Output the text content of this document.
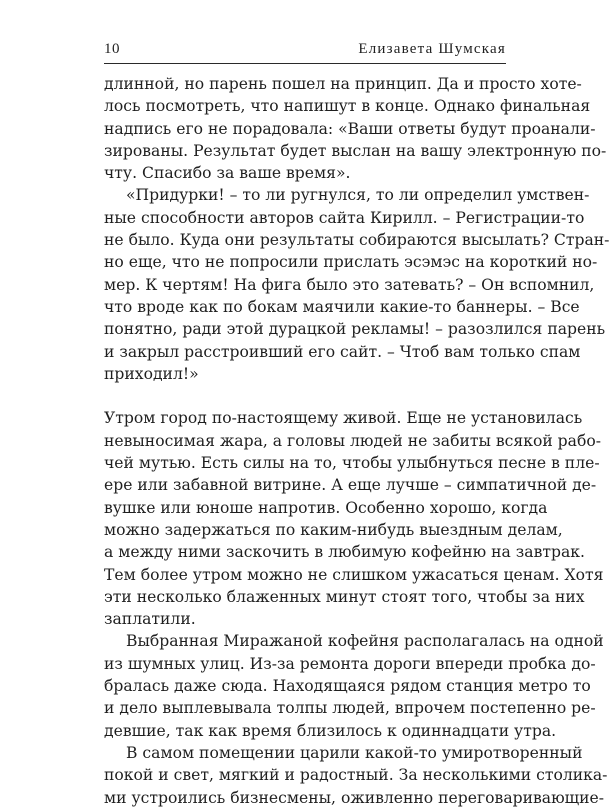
10	Елизавета Шумская
длинной, но парень пошел на принцип. Да и просто хоте-
лось посмотреть, что напишут в конце. Однако финальная
надпись его не порадовала: «Ваши ответы будут проанали-
зированы. Результат будет выслан на вашу электронную по-
чту. Спасибо за ваше время».
«Придурки! – то ли ругнулся, то ли определил умствен-
ные способности авторов сайта Кирилл. – Регистрации-то
не было. Куда они результаты собираются высылать? Стран-
но еще, что не попросили прислать эсэмэс на короткий но-
мер. К чертям! На фига было это затевать? – Он вспомнил,
что вроде как по бокам маячили какие-то баннеры. – Все
понятно, ради этой дурацкой рекламы! – разозлился парень
и закрыл расстроивший его сайт. – Чтоб вам только спам
приходил!»
Утром город по-настоящему живой. Еще не установилась
невыносимая жара, а головы людей не забиты всякой рабо-
чей мутью. Есть силы на то, чтобы улыбнуться песне в пле-
ере или забавной витрине. А еще лучше – симпатичной де-
вушке или юноше напротив. Особенно хорошо, когда
можно задержаться по каким-нибудь выездным делам,
а между ними заскочить в любимую кофейню на завтрак.
Тем более утром можно не слишком ужасаться ценам. Хотя
эти несколько блаженных минут стоят того, чтобы за них
заплатили.
Выбранная Миражаной кофейня располагалась на одной
из шумных улиц. Из-за ремонта дороги впереди пробка до-
бралась даже сюда. Находящаяся рядом станция метро то
и дело выплевывала толпы людей, впрочем постепенно ре-
девшие, так как время близилось к одиннадцати утра.
В самом помещении царили какой-то умиротворенный
покой и свет, мягкий и радостный. За несколькими столика-
ми устроились бизнесмены, оживленно переговаривающие-
